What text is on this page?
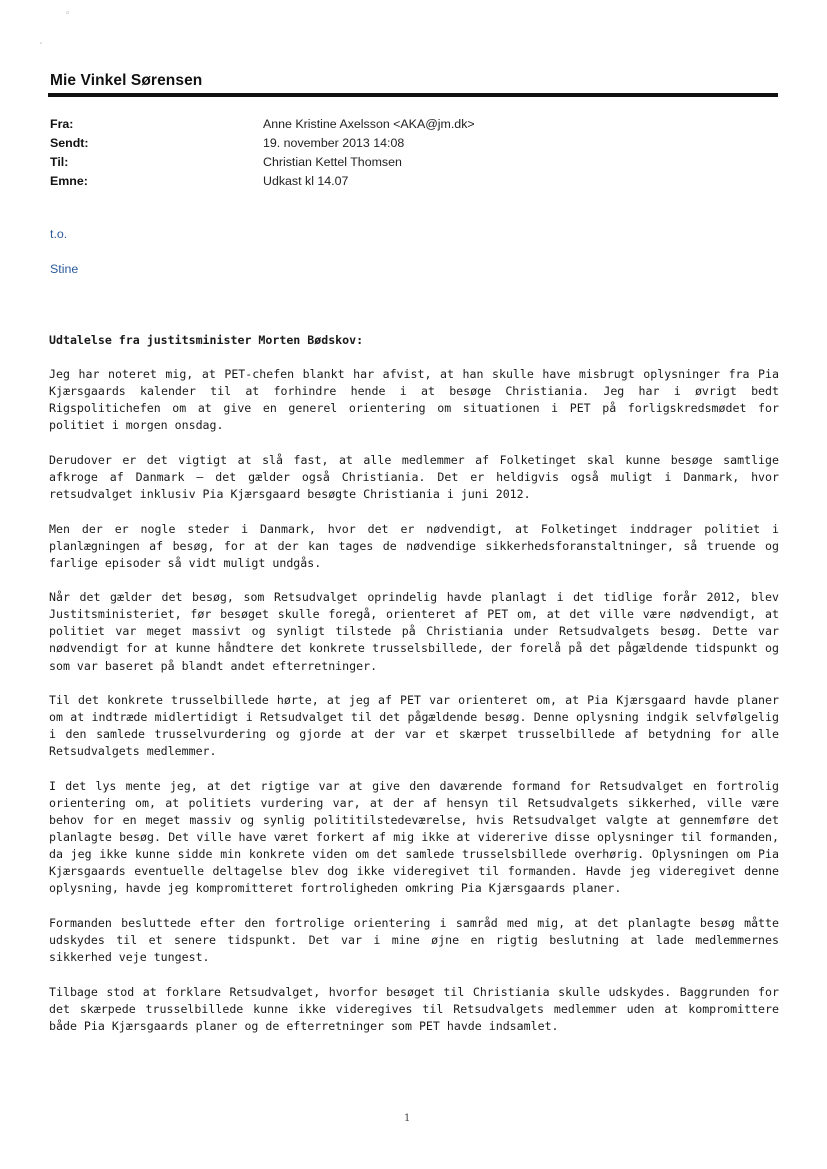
◦
′
Mie Vinkel Sørensen
Fra:	Anne Kristine Axelsson <AKA@jm.dk>
Sendt:	19. november 2013 14:08
Til:	Christian Kettel Thomsen
Emne:	Udkast kl 14.07
t.o.
Stine

Udtalelse fra justitsminister Morten Bødskov:

Jeg har noteret mig, at PET-chefen blankt har afvist, at han skulle have misbrugt oplysninger fra Pia Kjærsgaards kalender til at forhindre hende i at besøge Christiania. Jeg har i øvrigt bedt Rigspolitichefen om at give en generel orientering om situationen i PET på forligskredsmødet for politiet i morgen onsdag.

Derudover er det vigtigt at slå fast, at alle medlemmer af Folketinget skal kunne besøge samtlige afkroge af Danmark – det gælder også Christiania. Det er heldigvis også muligt i Danmark, hvor retsudvalget inklusiv Pia Kjærsgaard besøgte Christiania i juni 2012.

Men der er nogle steder i Danmark, hvor det er nødvendigt, at Folketinget inddrager politiet i planlægningen af besøg, for at der kan tages de nødvendige sikkerhedsforanstaltninger, så truende og farlige episoder så vidt muligt undgås.

Når det gælder det besøg, som Retsudvalget oprindelig havde planlagt i det tidlige forår 2012, blev Justitsministeriet, før besøget skulle foregå, orienteret af PET om, at det ville være nødvendigt, at politiet var meget massivt og synligt tilstede på Christiania under Retsudvalgets besøg. Dette var nødvendigt for at kunne håndtere det konkrete trusselsbillede, der forelå på det pågældende tidspunkt og som var baseret på blandt andet efterretninger.

Til det konkrete trusselbillede hørte, at jeg af PET var orienteret om, at Pia Kjærsgaard havde planer om at indtræde midlertidigt i Retsudvalget til det pågældende besøg. Denne oplysning indgik selvfølgelig i den samlede trusselvurdering og gjorde at der var et skærpet trusselbillede af betydning for alle Retsudvalgets medlemmer.

I det lys mente jeg, at det rigtige var at give den daværende formand for Retsudvalget en fortrolig orientering om, at politiets vurdering var, at der af hensyn til Retsudvalgets sikkerhed, ville være behov for en meget massiv og synlig polititilstedeværelse, hvis Retsudvalget valgte at gennemføre det planlagte besøg. Det ville have været forkert af mig ikke at viderегive disse oplysninger til formanden, da jeg ikke kunne sidde min konkrete viden om det samlede trusselsbillede overhørig. Oplysningen om Pia Kjærsgaards eventuelle deltagelse blev dog ikke videregivet til formanden. Havde jeg videregivet denne oplysning, havde jeg kompromitteret fortroligheden omkring Pia Kjærsgaards planer.

Formanden besluttede efter den fortrolige orientering i samråd med mig, at det planlagte besøg måtte udskydes til et senere tidspunkt. Det var i mine øjne en rigtig beslutning at lade medlemmernes sikkerhed veje tungest.

Tilbage stod at forklare Retsudvalget, hvorfor besøget til Christiania skulle udskydes. Baggrunden for det skærpede trusselbillede kunne ikke videregives til Retsudvalgets medlemmer uden at kompromittere både Pia Kjærsgaards planer og de efterretninger som PET havde indsamlet.

1
